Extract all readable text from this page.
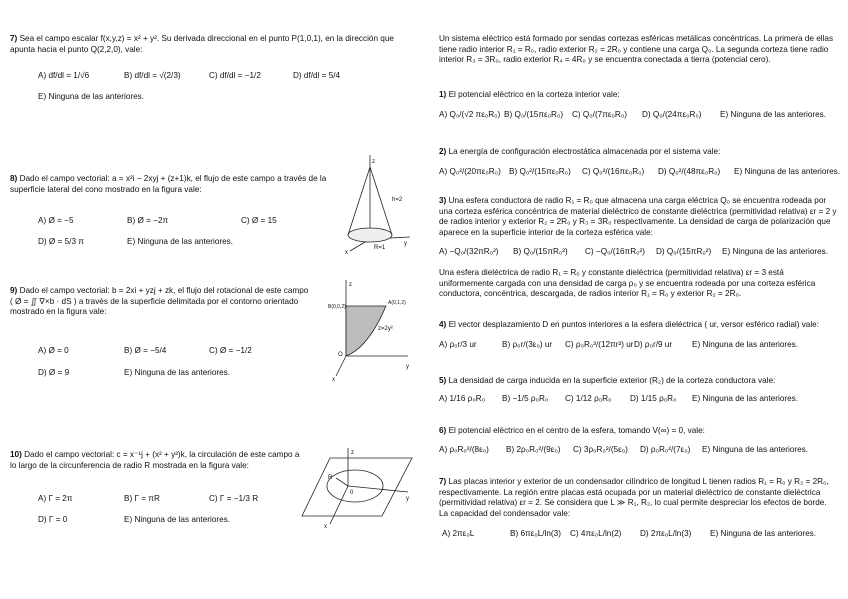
7) Sea el campo escalar f(x,y,z) = x² + y². Su derivada direccional en el punto P(1,0,1), en la dirección que apunta hacia el punto Q(2,2,0), vale:
A) df/dl = 1/√6	B) df/dl = √(2/3)	C) df/dl = −1/2	D) df/dl = 5/4
E) Ninguna de las anteriores.
8) Dado el campo vectorial: a = x²i − 2xyj + (z+1)k, el flujo de este campo a través de la superficie lateral del cono mostrado en la figura vale:
A) Ø = −5	B) Ø = −2π	C) Ø = 15
D) Ø = 5/3 π	E) Ninguna de las anteriores.
z
y
x
h=2
R=1
9) Dado el campo vectorial: b = 2xi + yzj + zk, el flujo del rotacional de este campo ( Ø = ∬ ∇×b · dS ) a través de la superficie delimitada por el contorno orientado mostrado en la figura vale:
A) Ø = 0	B) Ø = −5/4	C) Ø = −1/2
D) Ø = 9	E) Ninguna de las anteriores.
z
y
x
B(0,0,2)
A(0,1,2)
z=2y²
O
10) Dado el campo vectorial: c = x⁻¹j + (x² + y²)k, la circulación de este campo a lo largo de la circunferencia de radio R mostrada en la figura vale:
A) Γ = 2π	B) Γ = πR	C) Γ = −1/3 R
D) Γ = 0	E) Ninguna de las anteriores.
z
y
x
R
0
Un sistema eléctrico está formado por sendas cortezas esféricas metálicas concéntricas. La primera de ellas tiene radio interior R₁ = R₀, radio exterior R₂ = 2R₀ y contiene una carga Q₀. La segunda corteza tiene radio interior R₃ = 3R₀, radio exterior R₄ = 4R₀ y se encuentra conectada a tierra (potencial cero).
1) El potencial eléctrico en la corteza interior vale:
A) Q₀/(√2 πε₀R₀) B) Q₀/(15πε₀R₀) C) Q₀/(7πε₀R₀) D) Q₀/(24πε₀R₀) E) Ninguna de las anteriores.
2) La energía de configuración electrostática almacenada por el sistema vale:
A) Q₀²/(20πε₀R₀) B) Q₀²/(15πε₀R₀) C) Q₀²/(16πε₀R₀) D) Q₀²/(48πε₀R₀) E) Ninguna de las anteriores.
3) Una esfera conductora de radio R₁ = R₀ que almacena una carga eléctrica Q₀ se encuentra rodeada por una corteza esférica concéntrica de material dieléctrico de constante dieléctrica (permitividad relativa) εr = 2 y de radios interior y exterior R₂ = 2R₀ y R₃ = 3R₀ respectivamente. La densidad de carga de polarización que aparece en la superficie interior de la corteza esférica vale:
A) −Q₀/(32πR₀²) B) Q₀/(15πR₀²) C) −Q₀/(16πR₀²) D) Q₀/(15πR₀²) E) Ninguna de las anteriores.
Una esfera dieléctrica de radio R₁ = R₀ y constante dieléctrica (permitividad relativa) εr = 3 está uniformemente cargada con una densidad de carga ρ₀ y se encuentra rodeada por una corteza esférica conductora, concéntrica, descargada, de radios interior R₁ = R₀ y exterior R₂ = 2R₀.
4) El vector desplazamiento D en puntos interiores a la esfera dieléctrica ( ur, versor esférico radial) vale:
A) ρ₀r/3 ur	B) ρ₀r/(3ε₀) ur C) ρ₀R₀³/(12πr²) ur D) ρ₀r/9 ur E) Ninguna de las anteriores.
5) La densidad de carga inducida en la superficie exterior (R₂) de la corteza conductora vale:
A) 1/16 ρ₀R₀ B) −1/5 ρ₀R₀ C) 1/12 ρ₀R₀ D) 1/15 ρ₀R₀ E) Ninguna de las anteriores.
6) El potencial eléctrico en el centro de la esfera, tomando V(∞) = 0, vale:
A) ρ₀R₀²/(8ε₀) B) 2ρ₀R₀²/(9ε₀) C) 3ρ₀R₀²/(5ε₀) D) ρ₀R₀²/(7ε₀) E) Ninguna de las anteriores.
7) Las placas interior y exterior de un condensador cilíndrico de longitud L tienen radios R₁ = R₀ y R₂ = 2R₀, respectivamente. La región entre placas está ocupada por un material dieléctrico de constante dieléctrica (permitividad relativa) εr = 2. Se considera que L ≫ R₁, R₂, lo cual permite despreciar los efectos de borde. La capacidad del condensador vale:
A) 2πε₀L	B) 6πε₀L/ln(3) C) 4πε₀L/ln(2) D) 2πε₀L/ln(3) E) Ninguna de las anteriores.
